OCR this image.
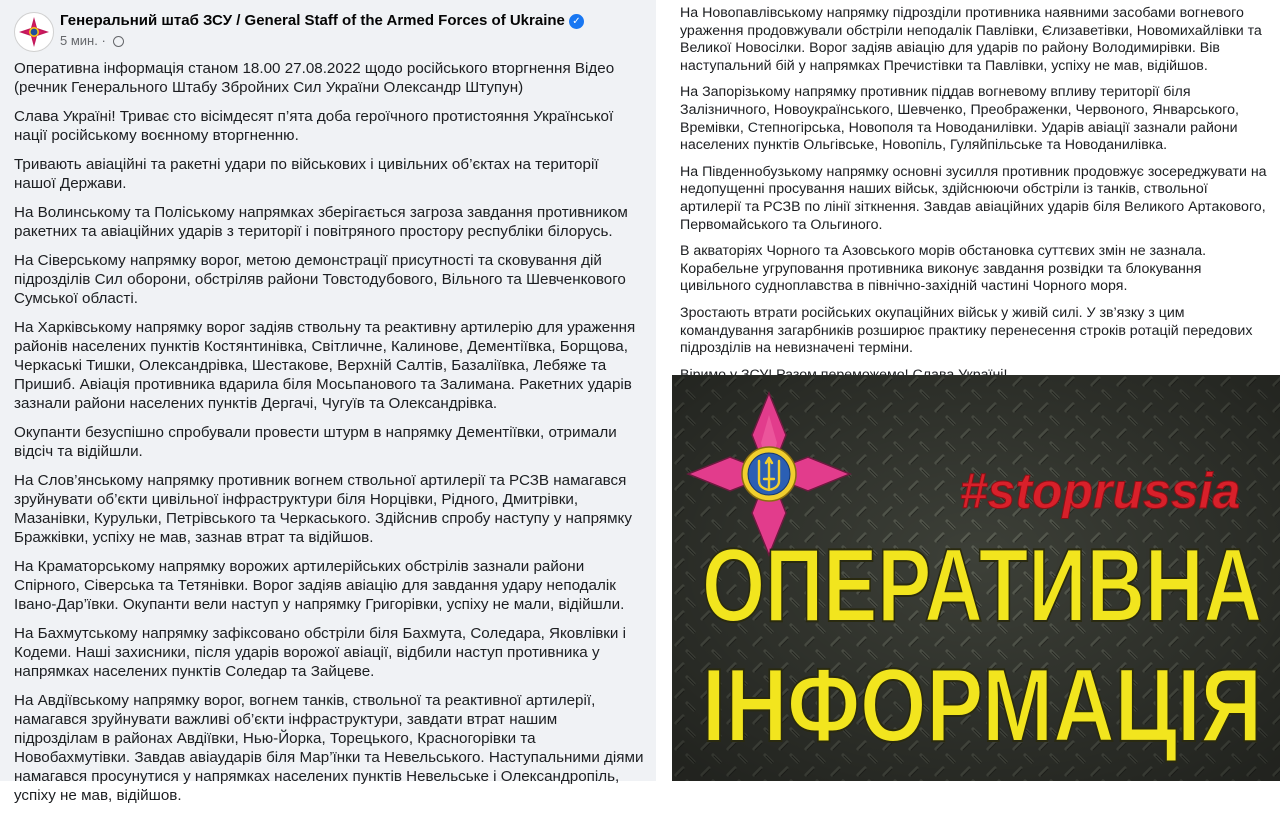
Генеральний штаб ЗСУ / General Staff of the Armed Forces of Ukraine ✓
5 мин. ·

Оперативна інформація станом 18.00 27.08.2022 щодо російського вторгнення Відео (речник Генерального Штабу Збройних Сил України Олександр Штупун)

Слава Україні! Триває сто вісімдесят п’ята доба героїчного протистояння Українськоï націï російському воєнному вторгненню.

Тривають авіаційні та ракетні удари по військових і цивільних об’єктах на територіï нашоï Держави.

На Волинському та Поліському напрямках зберігається загроза завдання противником ракетних та авіаційних ударів з територіï і повітряного простору республіки білорусь.

На Сіверському напрямку ворог, метою демонстраціï присутності та сковування дій підрозділів Сил оборони, обстріляв райони Товстодубового, Вільного та Шевченкового Сумськоï області.

На Харківському напрямку ворог задіяв ствольну та реактивну артилерію для ураження районів населених пунктів Костянтинівка, Світличне, Калинове, Дементіївка, Борщова, Черкаські Тишки, Олександрівка, Шестакове, Верхній Салтів, Базаліївка, Лебяже та Пришиб. Авіація противника вдарила біля Мосьпанового та Залимана. Ракетних ударів зазнали райони населених пунктів Дергачі, Чугуїв та Олександрівка.

Окупанти безуспішно спробували провести штурм в напрямку Дементіївки, отримали відсіч та відійшли.

На Слов’янському напрямку противник вогнем ствольноï артилеріï та РСЗВ намагався зруйнувати об’єкти цивільноï інфраструктури біля Норцівки, Рідного, Дмитрівки, Мазанівки, Курульки, Петрівського та Черкаського. Здійснив спробу наступу у напрямку Бражківки, успіху не мав, зазнав втрат та відійшов.

На Краматорському напрямку ворожих артилерійських обстрілів зазнали райони Спірного, Сіверська та Тетянівки. Ворог задіяв авіацію для завдання удару неподалік Івано-Дар’ївки. Окупанти вели наступ у напрямку Григорівки, успіху не мали, відійшли.

На Бахмутському напрямку зафіксовано обстріли біля Бахмута, Соледара, Яковлівки і Кодеми. Наші захисники, після ударів ворожоï авіаціï, відбили наступ противника у напрямках населених пунктів Соледар та Зайцеве.

На Авдіївському напрямку ворог, вогнем танків, ствольноï та реактивноï артилеріï, намагався зруйнувати важливі об’єкти інфраструктури, завдати втрат нашим підрозділам в районах Авдіївки, Нью-Йорка, Торецького, Красногорівки та Новобахмутівки. Завдав авіаударів біля Мар’їнки та Невельського. Наступальними діями намагався просунутися у напрямках населених пунктів Невельське і Олександропіль, успіху не мав, відійшов.

На Новопавлівському напрямку підрозділи противника наявними засобами вогневого ураження продовжували обстріли неподалік Павлівки, Єлизаветівки, Новомихайлівки та Великоï Новосілки. Ворог задіяв авіацію для ударів по району Володимирівки. Вів наступальний бій у напрямках Пречистівки та Павлівки, успіху не мав, відійшов.

На Запорізькому напрямку противник піддав вогневому впливу територіï біля Залізничного, Новоукраïнського, Шевченко, Преображенки, Червоного, Январського, Времівки, Степногірська, Новополя та Новоданилівки. Ударів авіаціï зазнали райони населених пунктів Ольгівське, Новопіль, Гуляйпільське та Новоданилівка.

На Південнобузькому напрямку основні зусилля противник продовжує зосереджувати на недопущенні просування наших військ, здійснюючи обстріли із танків, ствольноï артилеріï та РСЗВ по лініï зіткнення. Завдав авіаційних ударів біля Великого Артакового, Первомайського та Ольгиного.

В акваторіях Чорного та Азовського морів обстановка суттєвих змін не зазнала. Корабельне угруповання противника виконує завдання розвідки та блокування цивільного судноплавства в північно-західній частині Чорного моря.

Зростають втрати російських окупаційних військ у живій силі. У зв’язку з цим командування загарбників розширює практику перенесення строків ротацій передових підрозділів на невизначені терміни.

#stoprussia
ОПЕРАТИВНА
ІНФОРМАЦІЯ
